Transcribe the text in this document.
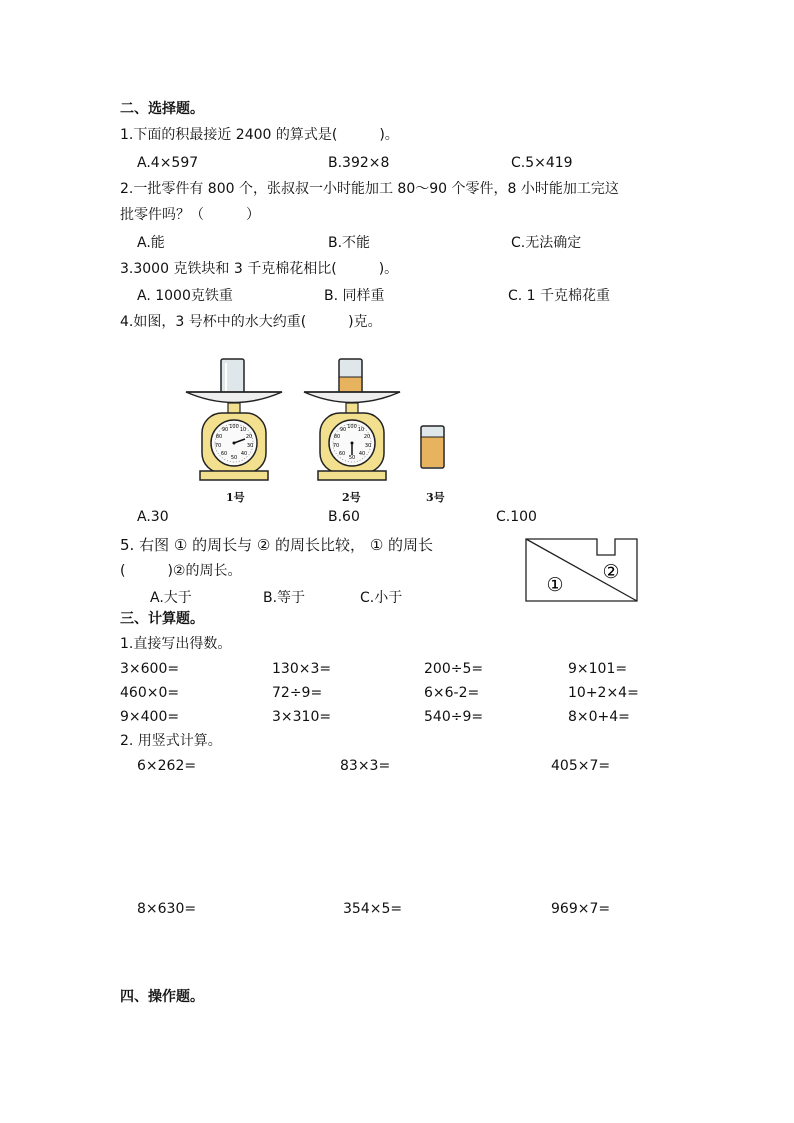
二、选择题。
1.下面的积最接近 2400 的算式是(　　　)。
A.4×597	B.392×8	C.5×419
2.一批零件有 800 个，张叔叔一小时能加工 80～90 个零件，8 小时能加工完这
批零件吗？（　　　）
A.能	B.不能	C.无法确定
3.3000 克铁块和 3 千克棉花相比(　　　)。
A. 1000克铁重	B. 同样重	C. 1 千克棉花重
4.如图，3 号杯中的水大约重(　　　)克。
100 10
20
30
40
50
60
70
80
90	100 10
20
30
40
50
60
70
80
90
1号	2号	3号
A.30	B.60	C.100
5. 右图 ① 的周长与 ② 的周长比较， ① 的周长
(　　　)②的周长。
A.大于	B.等于	C.小于
①
②
三、计算题。
1.直接写出得数。
3×600=	130×3=	200÷5=	9×101=
460×0=	72÷9=	6×6-2=	10+2×4=
9×400=	3×310=	540÷9=	8×0+4=
2. 用竖式计算。
6×262=	83×3=	405×7=
8×630=	354×5=	969×7=
四、操作题。
